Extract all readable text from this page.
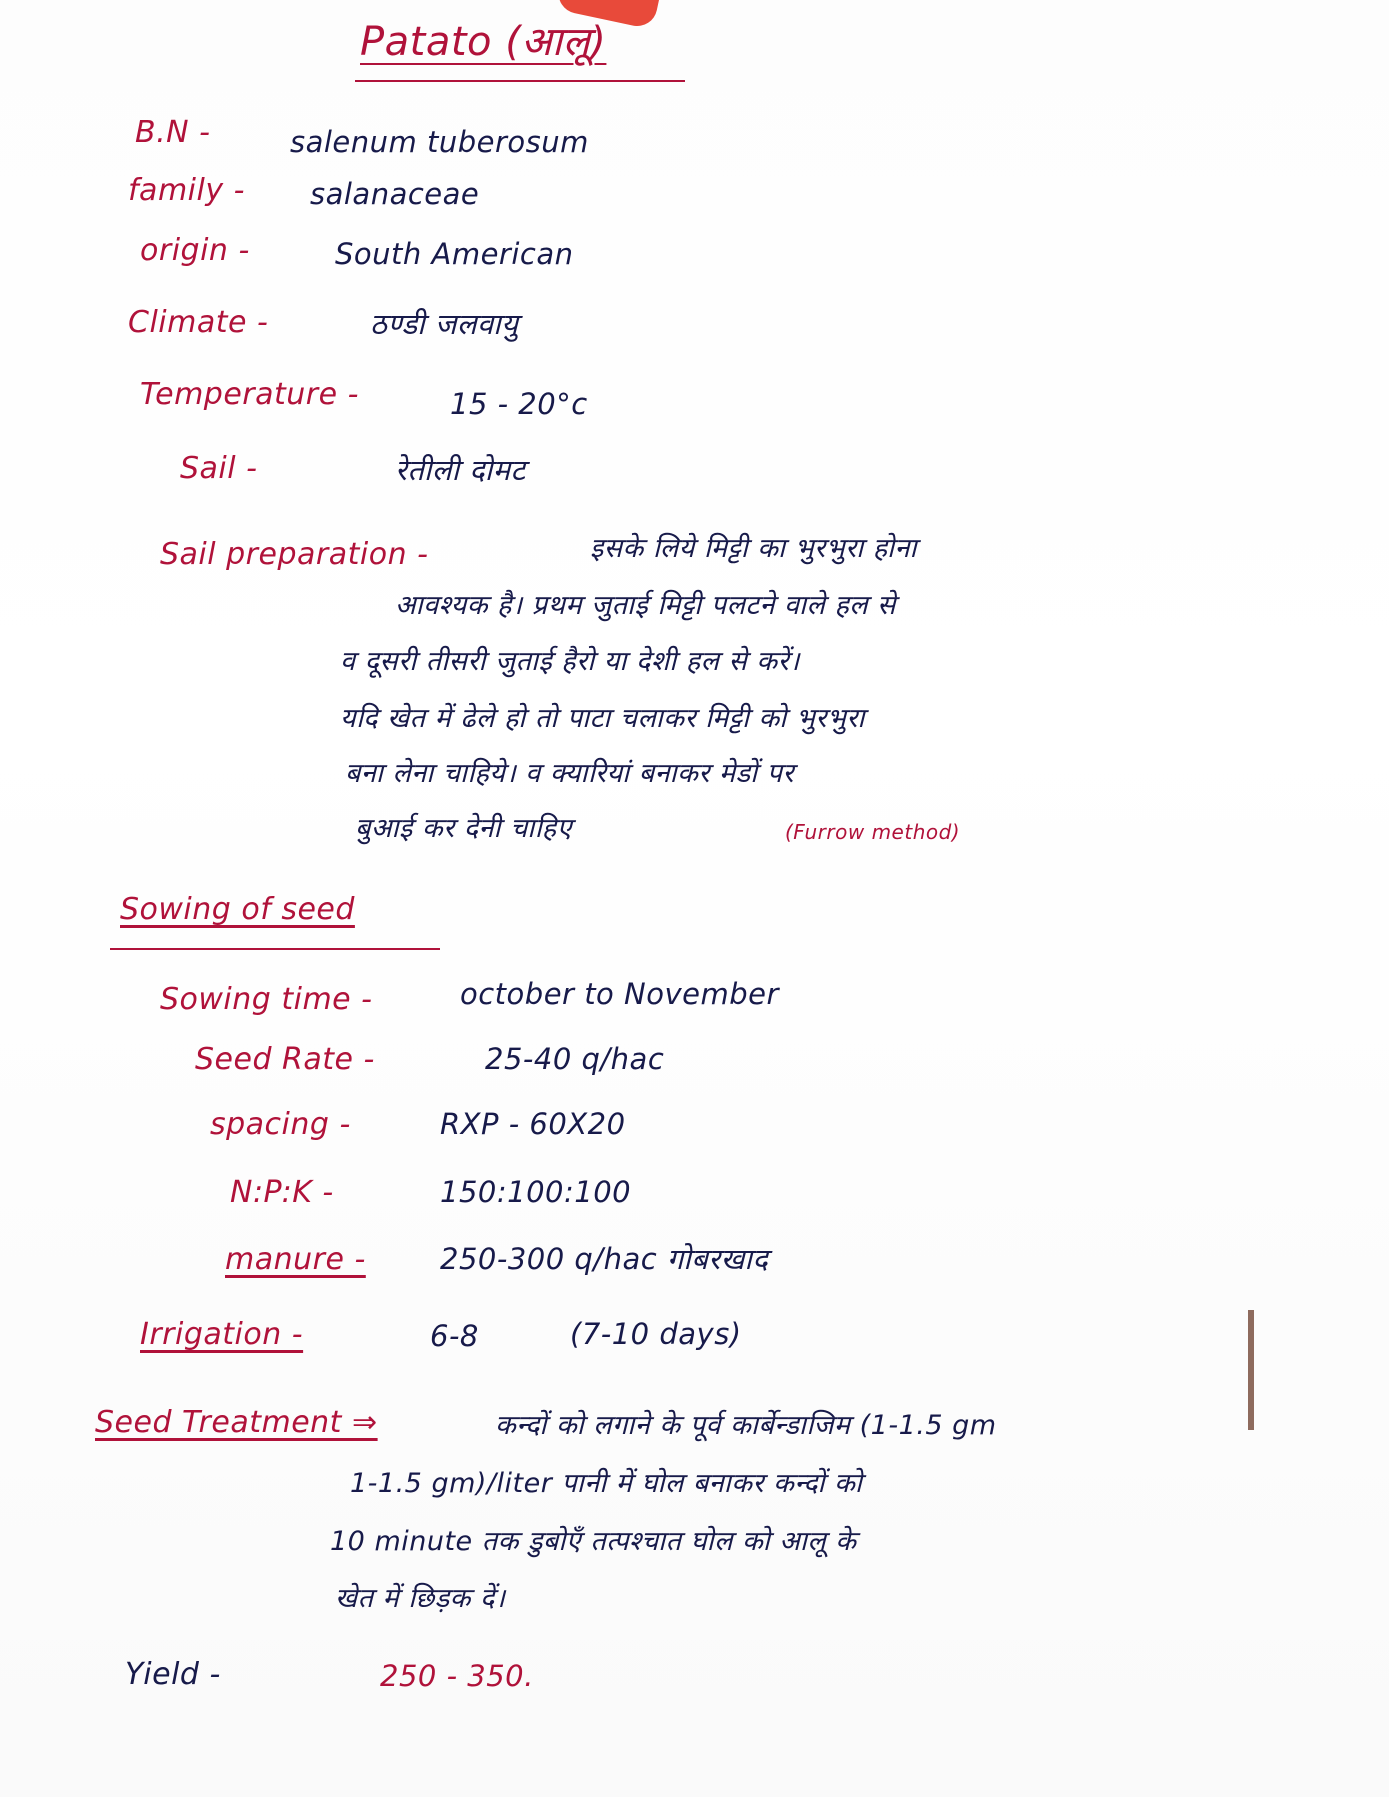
Patato (आलू)
B.N -	salenum tuberosum
family - salanaceae
origin -	South American
Climate -	ठण्डी जलवायु
Temperature -	15 - 20°c
Sail -	रेतीली दोमट
Sail preparation -	इसके लिये मिट्टी का भुरभुरा होना
आवश्यक है। प्रथम जुताई मिट्टी पलटने वाले हल से
व दूसरी तीसरी जुताई हैरो या देशी हल से करें।
यदि खेत में ढेले हो तो पाटा चलाकर मिट्टी को भुरभुरा
बना लेना चाहिये। व क्यारियां बनाकर मेडों पर
बुआई कर देनी चाहिए	(Furrow method)
Sowing of seed
Sowing time -	october to November
Seed Rate -	25-40 q/hac
spacing -	RXP - 60X20
N:P:K -	150:100:100
manure -	250-300 q/hac गोबरखाद
Irrigation -	6-8	(7-10 days)
Seed Treatment ⇒	कन्दों को लगाने के पूर्व कार्बेन्डाजिम (1-1.5 gm
1-1.5 gm)/liter पानी में घोल बनाकर कन्दों को
10 minute तक डुबोएँ तत्पश्चात घोल को आलू के
खेत में छिड़क दें।
Yield -	250 - 350.
